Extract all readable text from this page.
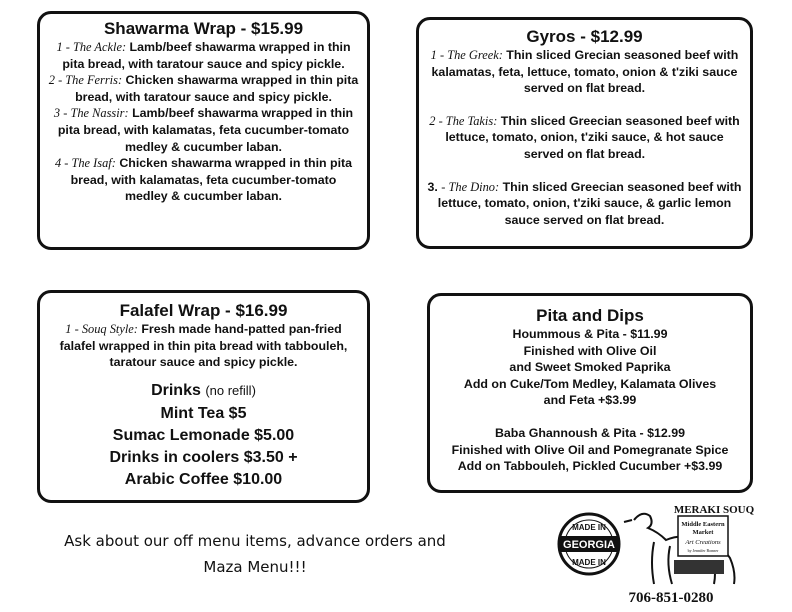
Shawarma Wrap - $15.99

1 - The Ackle: Lamb/beef shawarma wrapped in thin pita bread, with taratour sauce and spicy pickle.

2 - The Ferris: Chicken shawarma wrapped in thin pita bread, with taratour sauce and spicy pickle.

3 - The Nassir: Lamb/beef shawarma wrapped in thin pita bread, with kalamatas, feta cucumber-tomato medley & cucumber laban.

4 - The Isaf: Chicken shawarma wrapped in thin pita bread, with kalamatas, feta cucumber-tomato medley & cucumber laban.

Gyros - $12.99

1 - The Greek: Thin sliced Grecian seasoned beef with kalamatas, feta, lettuce, tomato, onion & t'ziki sauce served on flat bread.

2 - The Takis: Thin sliced Greecian seasoned beef with lettuce, tomato, onion, t'ziki sauce, & hot sauce served on flat bread.

3. - The Dino: Thin sliced Greecian seasoned beef with lettuce, tomato, onion, t'ziki sauce, & garlic lemon sauce served on flat bread.

Falafel Wrap - $16.99

1 - Souq Style: Fresh made hand-patted pan-fried falafel wrapped in thin pita bread with tabbouleh, taratour sauce and spicy pickle.

Drinks (no refill)

Mint Tea $5

Sumac Lemonade $5.00

Drinks in coolers $3.50 +

Arabic Coffee $10.00

Pita and Dips

Hoummous & Pita - $11.99

Finished with Olive Oil

and Sweet Smoked Paprika

Add on Cuke/Tom Medley, Kalamata Olives

and Feta +$3.99

Baba Ghannoush & Pita - $12.99

Finished with Olive Oil and Pomegranate Spice

Add on Tabbouleh, Pickled Cucumber +$3.99

Ask about our off menu items, advance orders and
Maza Menu!!!
GEORGIA
MADE IN
MADE IN
Middle Eastern
Market
Art Creations
by Jennifer Bonner
MERAKI SOUQ
706-851-0280
